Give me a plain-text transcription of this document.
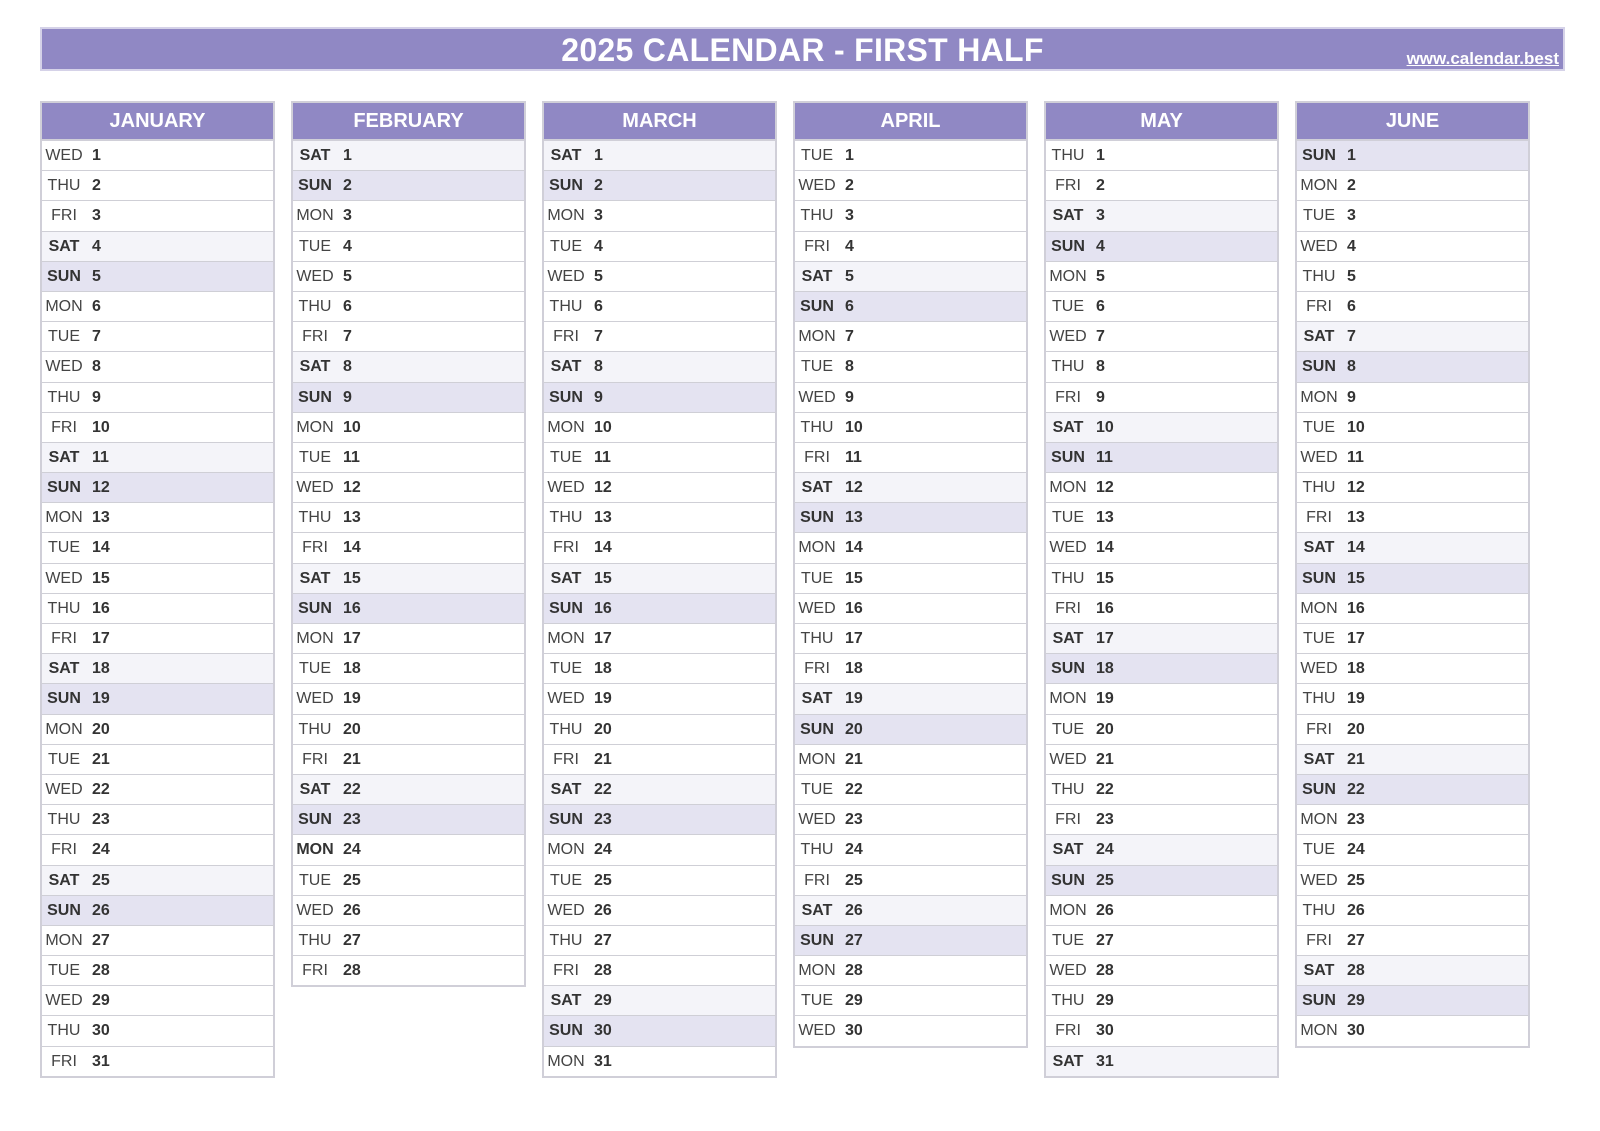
2025 CALENDAR - FIRST HALF	www.calendar.best
JANUARY
WED 1
THU 2
FRI 3
SAT 4
SUN 5
MON 6
TUE 7
WED 8
THU 9
FRI 10
SAT 11
SUN 12
MON 13
TUE 14
WED 15
THU 16
FRI 17
SAT 18
SUN 19
MON 20
TUE 21
WED 22
THU 23
FRI 24
SAT 25
SUN 26
MON 27
TUE 28
WED 29
THU 30
FRI 31
FEBRUARY
SAT 1
SUN 2
MON 3
TUE 4
WED 5
THU 6
FRI 7
SAT 8
SUN 9
MON 10
TUE 11
WED 12
THU 13
FRI 14
SAT 15
SUN 16
MON 17
TUE 18
WED 19
THU 20
FRI 21
SAT 22
SUN 23
MON 24
TUE 25
WED 26
THU 27
FRI 28
MARCH
SAT 1
SUN 2
MON 3
TUE 4
WED 5
THU 6
FRI 7
SAT 8
SUN 9
MON 10
TUE 11
WED 12
THU 13
FRI 14
SAT 15
SUN 16
MON 17
TUE 18
WED 19
THU 20
FRI 21
SAT 22
SUN 23
MON 24
TUE 25
WED 26
THU 27
FRI 28
SAT 29
SUN 30
MON 31
APRIL
TUE 1
WED 2
THU 3
FRI 4
SAT 5
SUN 6
MON 7
TUE 8
WED 9
THU 10
FRI 11
SAT 12
SUN 13
MON 14
TUE 15
WED 16
THU 17
FRI 18
SAT 19
SUN 20
MON 21
TUE 22
WED 23
THU 24
FRI 25
SAT 26
SUN 27
MON 28
TUE 29
WED 30
MAY
THU 1
FRI 2
SAT 3
SUN 4
MON 5
TUE 6
WED 7
THU 8
FRI 9
SAT 10
SUN 11
MON 12
TUE 13
WED 14
THU 15
FRI 16
SAT 17
SUN 18
MON 19
TUE 20
WED 21
THU 22
FRI 23
SAT 24
SUN 25
MON 26
TUE 27
WED 28
THU 29
FRI 30
SAT 31
JUNE
SUN 1
MON 2
TUE 3
WED 4
THU 5
FRI 6
SAT 7
SUN 8
MON 9
TUE 10
WED 11
THU 12
FRI 13
SAT 14
SUN 15
MON 16
TUE 17
WED 18
THU 19
FRI 20
SAT 21
SUN 22
MON 23
TUE 24
WED 25
THU 26
FRI 27
SAT 28
SUN 29
MON 30
